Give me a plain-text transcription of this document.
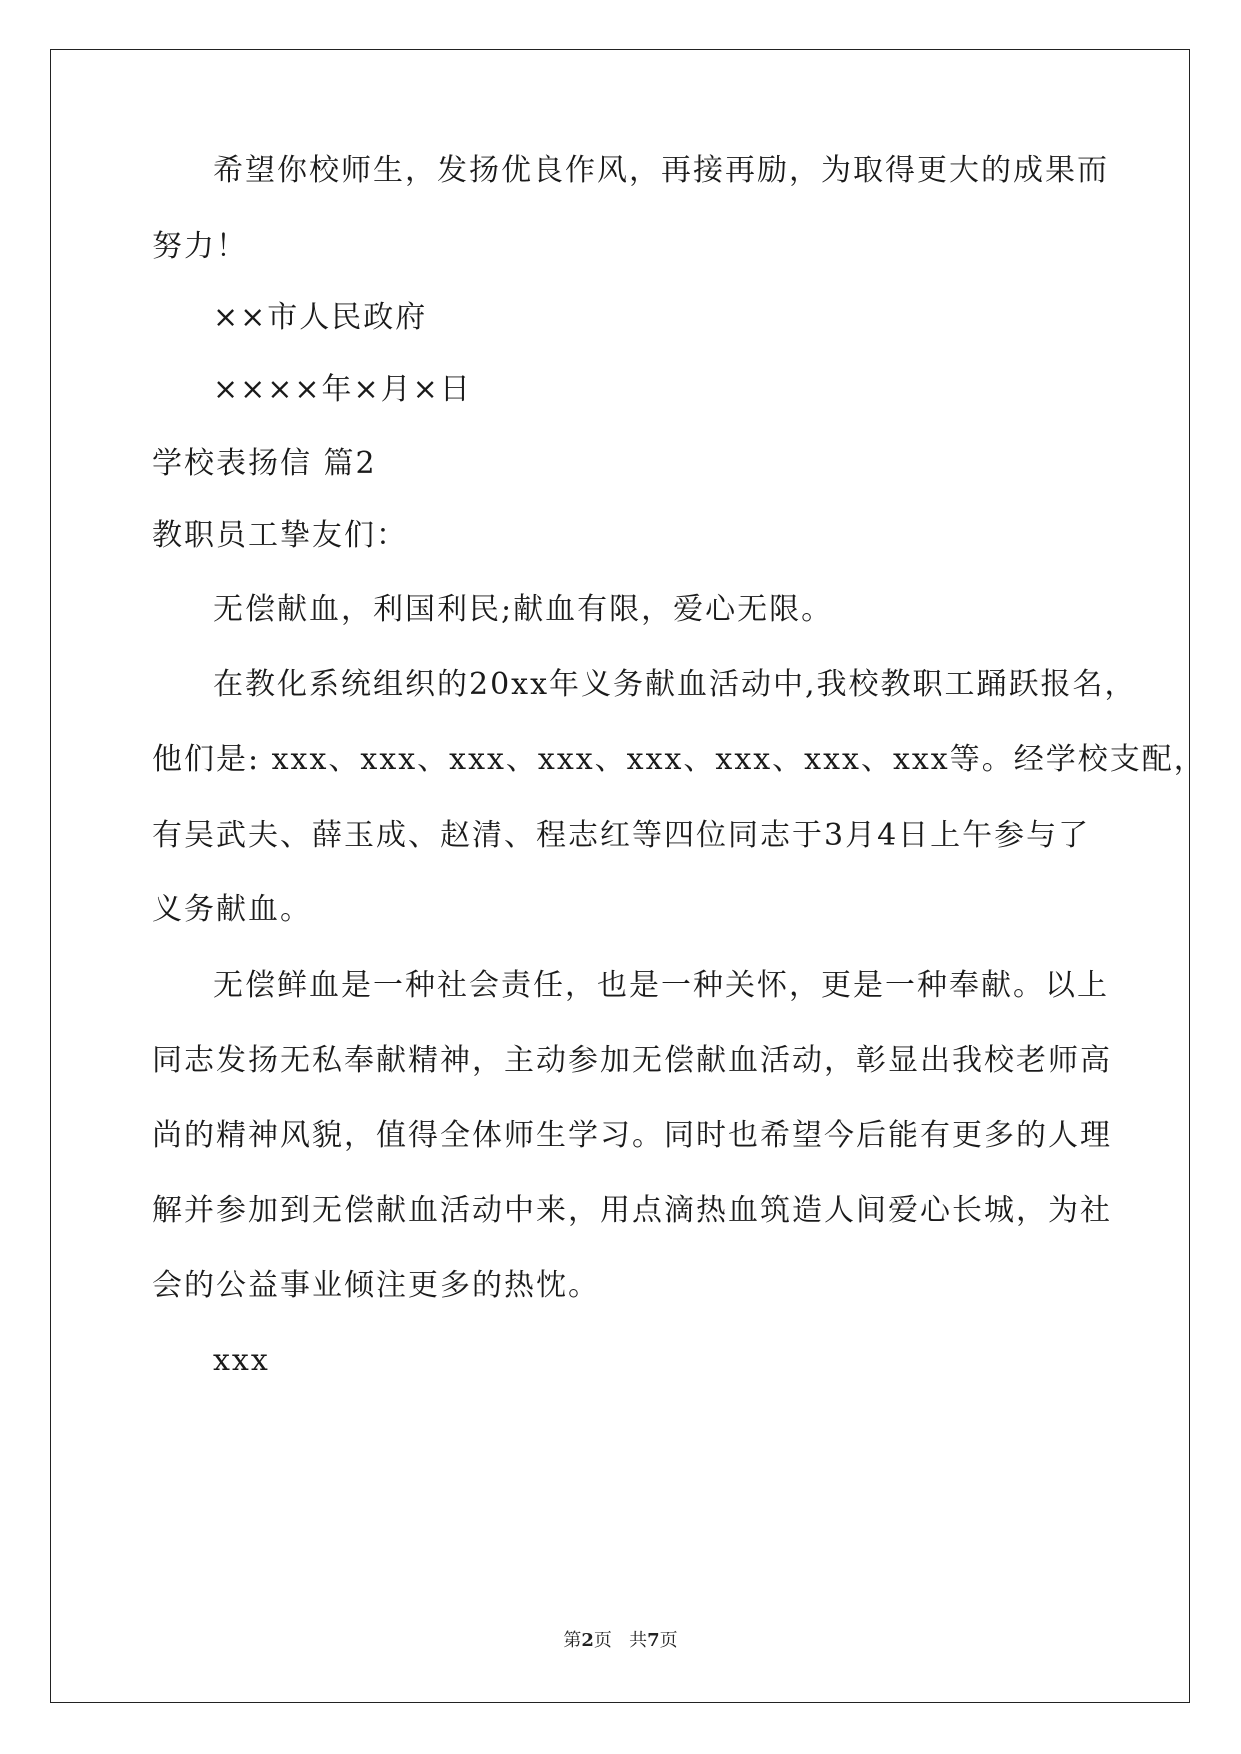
希望你校师生，发扬优良作风，再接再励，为取得更大的成果而
努力！
××市人民政府
××××年×月×日
学校表扬信 篇2
教职员工挚友们：
无偿献血，利国利民;献血有限，爱心无限。
在教化系统组织的20xx年义务献血活动中,我校教职工踊跃报名，
他们是: xxx、xxx、xxx、xxx、xxx、xxx、xxx、xxx等。经学校支配，
有吴武夫、薛玉成、赵清、程志红等四位同志于3月4日上午参与了
义务献血。
无偿鲜血是一种社会责任，也是一种关怀，更是一种奉献。以上
同志发扬无私奉献精神，主动参加无偿献血活动，彰显出我校老师高
尚的精神风貌，值得全体师生学习。同时也希望今后能有更多的人理
解并参加到无偿献血活动中来，用点滴热血筑造人间爱心长城，为社
会的公益事业倾注更多的热忱。
xxx
第2页 共7页
